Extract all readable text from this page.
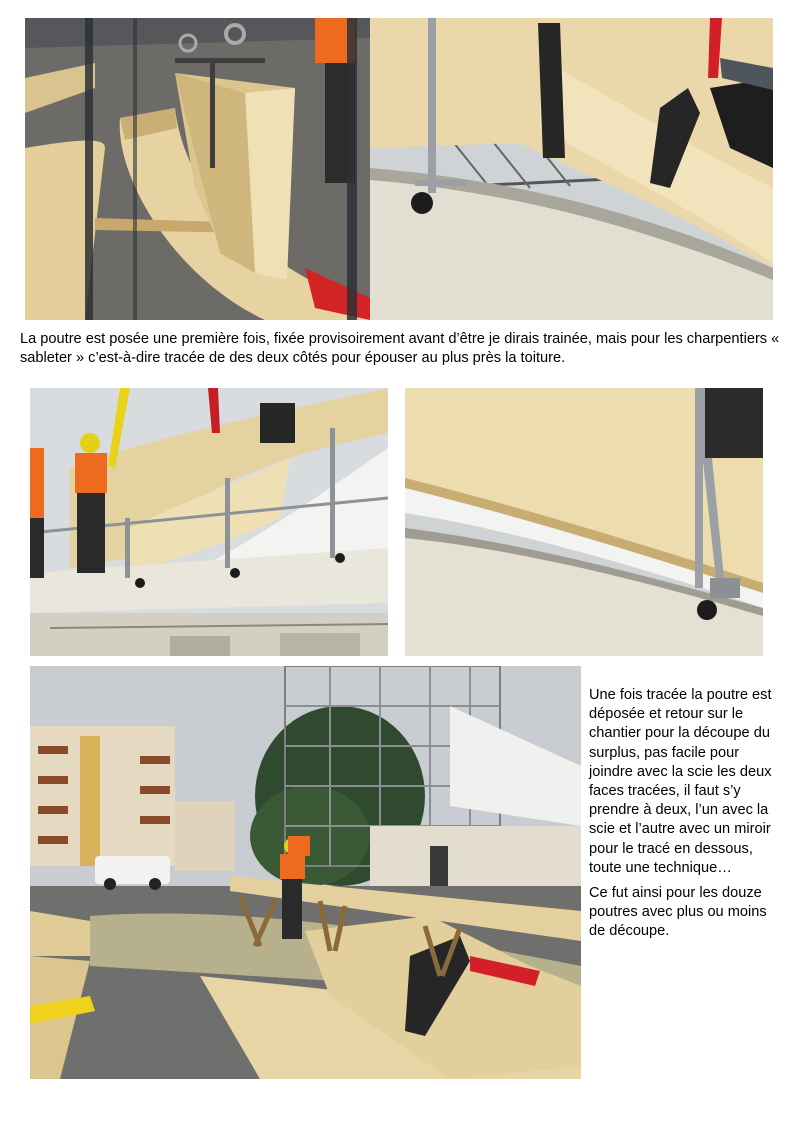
La poutre est posée une première fois, fixée provisoirement avant d’être je dirais trainée, mais pour les charpentiers « sableter » c’est-à-dire tracée de des deux côtés pour épouser au plus près la toiture.

Une fois tracée la poutre est déposée et retour sur le chantier pour la découpe du surplus, pas facile pour joindre avec la scie les deux faces tracées, il faut s’y prendre à deux, l’un avec la scie et l’autre avec un miroir pour le tracé en dessous, toute une technique…

Ce fut ainsi pour les douze poutres avec plus ou moins de découpe.
